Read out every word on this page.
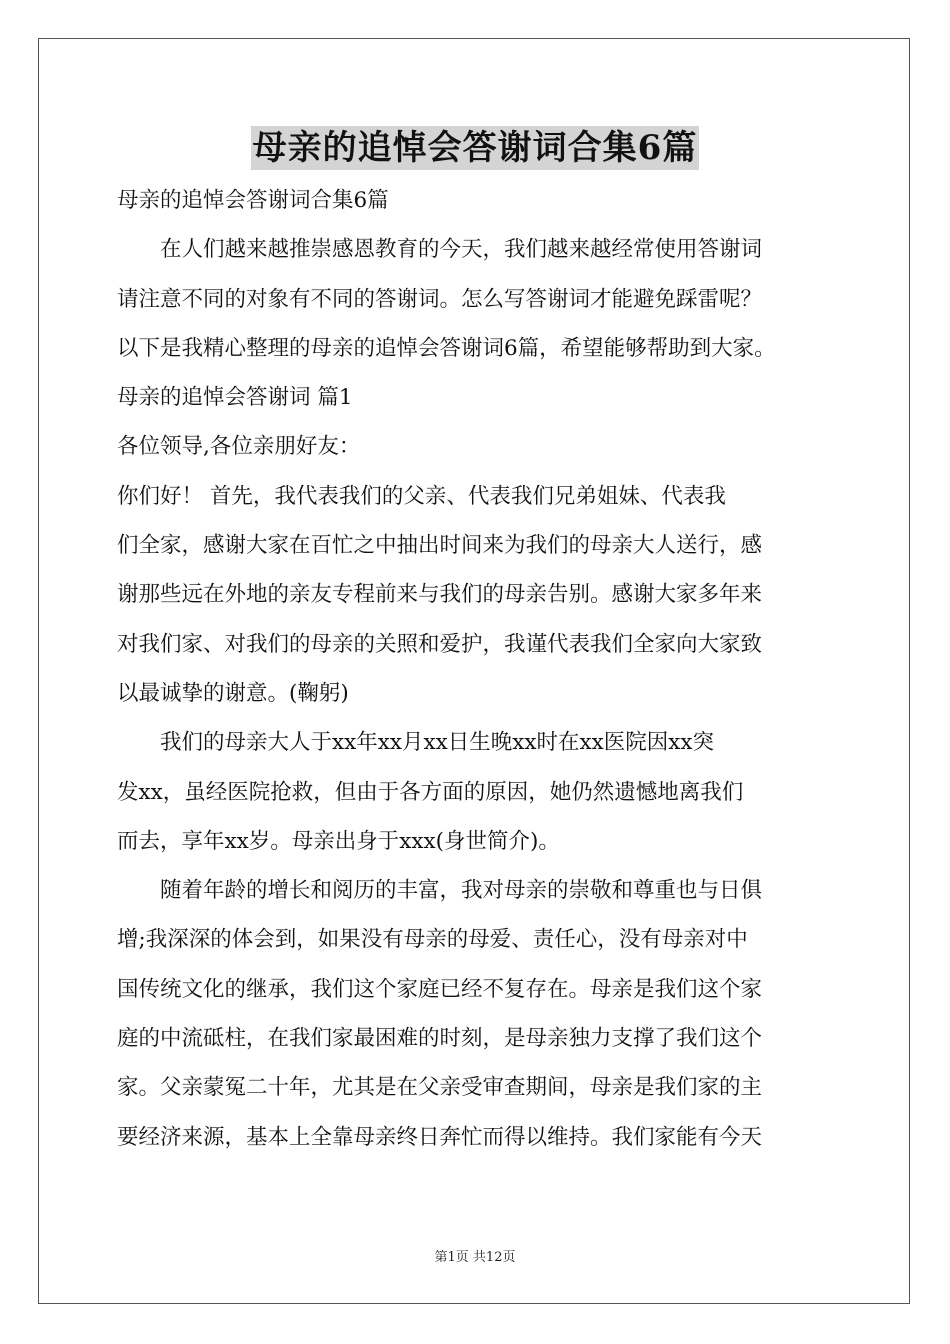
母亲的追悼会答谢词合集6篇
母亲的追悼会答谢词合集6篇
　　在人们越来越推崇感恩教育的今天，我们越来越经常使用答谢词
请注意不同的对象有不同的答谢词。怎么写答谢词才能避免踩雷呢？
以下是我精心整理的母亲的追悼会答谢词6篇，希望能够帮助到大家。
母亲的追悼会答谢词 篇1
各位领导,各位亲朋好友：
你们好！ 首先，我代表我们的父亲、代表我们兄弟姐妹、代表我
们全家，感谢大家在百忙之中抽出时间来为我们的母亲大人送行，感
谢那些远在外地的亲友专程前来与我们的母亲告别。感谢大家多年来
对我们家、对我们的母亲的关照和爱护，我谨代表我们全家向大家致
以最诚挚的谢意。(鞠躬)
　　我们的母亲大人于xx年xx月xx日生晚xx时在xx医院因xx突
发xx，虽经医院抢救，但由于各方面的原因，她仍然遗憾地离我们
而去，享年xx岁。母亲出身于xxx(身世简介)。
　　随着年龄的增长和阅历的丰富，我对母亲的崇敬和尊重也与日俱
增;我深深的体会到，如果没有母亲的母爱、责任心，没有母亲对中
国传统文化的继承，我们这个家庭已经不复存在。母亲是我们这个家
庭的中流砥柱，在我们家最困难的时刻，是母亲独力支撑了我们这个
家。父亲蒙冤二十年，尤其是在父亲受审查期间，母亲是我们家的主
要经济来源，基本上全靠母亲终日奔忙而得以维持。我们家能有今天
第1页 共12页
